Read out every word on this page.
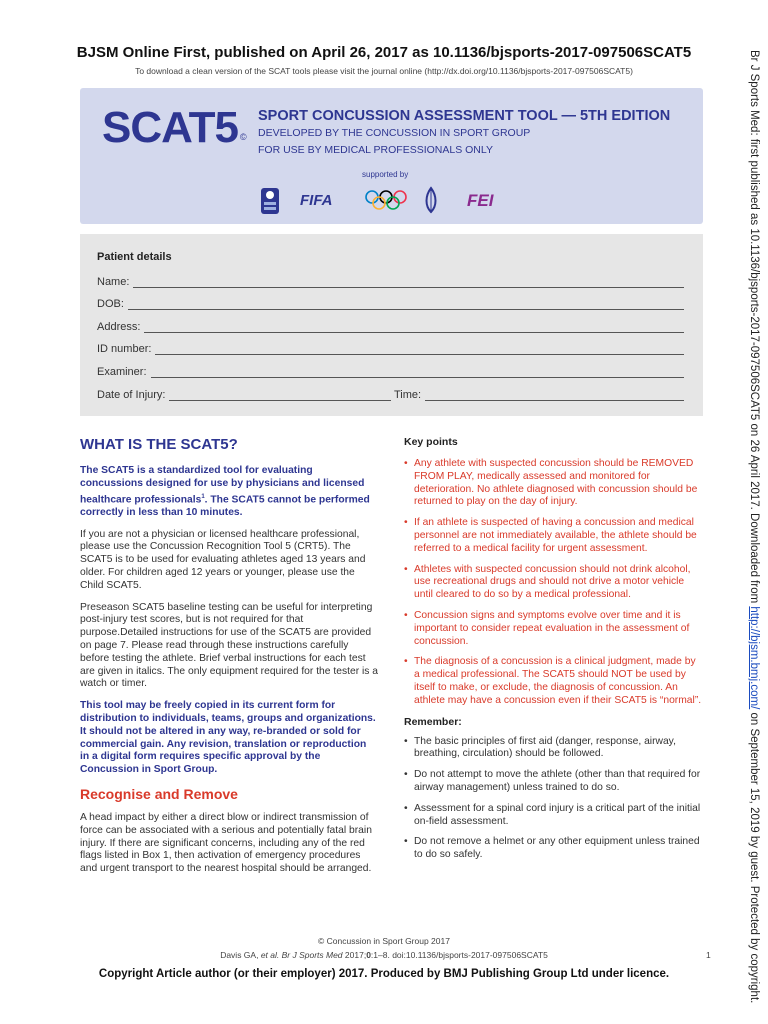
BJSM Online First, published on April 26, 2017 as 10.1136/bjsports-2017-097506SCAT5
To download a clean version of the SCAT tools please visit the journal online (http://dx.doi.org/10.1136/bjsports-2017-097506SCAT5)	Br J Sports Med: first published as 10.1136/bjsports-2017-097506SCAT5 on 26 April 2017. Downloaded from http://bjsm.bmj.com/ on September 15, 2019 by guest. Protected by copyright.
SCAT5 ©
SPORT CONCUSSION ASSESSMENT TOOL — 5TH EDITION
DEVELOPED BY THE CONCUSSION IN SPORT GROUP
FOR USE BY MEDICAL PROFESSIONALS ONLY
supported by
FIFA	FEI
Patient details
Name:
DOB:
Address:
ID number:
Examiner:
Date of Injury:	Time:
WHAT IS THE SCAT5?

The SCAT5 is a standardized tool for evaluating concussions designed for use by physicians and licensed healthcare professionals$^1$. The SCAT5 cannot be performed correctly in less than 10 minutes.

If you are not a physician or licensed healthcare professional, please use the Concussion Recognition Tool 5 (CRT5). The SCAT5 is to be used for evaluating athletes aged 13 years and older. For children aged 12 years or younger, please use the Child SCAT5.

Preseason SCAT5 baseline testing can be useful for interpreting post-injury test scores, but is not required for that purpose.Detailed instructions for use of the SCAT5 are provided on page 7. Please read through these instructions carefully before testing the athlete. Brief verbal instructions for each test are given in italics. The only equipment required for the tester is a watch or timer.

This tool may be freely copied in its current form for distribution to individuals, teams, groups and organizations. It should not be altered in any way, re-branded or sold for commercial gain. Any revision, translation or reproduction in a digital form requires specific approval by the Concussion in Sport Group.

Recognise and Remove

A head impact by either a direct blow or indirect transmission of force can be associated with a serious and potentially fatal brain injury. If there are significant concerns, including any of the red flags listed in Box 1, then activation of emergency procedures and urgent transport to the nearest hospital should be arranged.

Key points
• Any athlete with suspected concussion should be REMOVED FROM PLAY, medically assessed and monitored for deterioration. No athlete diagnosed with concussion should be returned to play on the day of injury.
• If an athlete is suspected of having a concussion and medical personnel are not immediately available, the athlete should be referred to a medical facility for urgent assessment.
• Athletes with suspected concussion should not drink alcohol, use recreational drugs and should not drive a motor vehicle until cleared to do so by a medical professional.
• Concussion signs and symptoms evolve over time and it is important to consider repeat evaluation in the assessment of concussion.
• The diagnosis of a concussion is a clinical judgment, made by a medical professional. The SCAT5 should NOT be used by itself to make, or exclude, the diagnosis of concussion. An athlete may have a concussion even if their SCAT5 is “normal”.
Remember:
• The basic principles of first aid (danger, response, airway, breathing, circulation) should be followed.
• Do not attempt to move the athlete (other than that required for airway management) unless trained to do so.
• Assessment for a spinal cord injury is a critical part of the initial on-field assessment.
• Do not remove a helmet or any other equipment unless trained to do so safely.
© Concussion in Sport Group 2017
Davis GA, et al. Br J Sports Med 2017;0:1–8. doi:10.1136/bjsports-2017-097506SCAT5	1
Copyright Article author (or their employer) 2017. Produced by BMJ Publishing Group Ltd under licence.
